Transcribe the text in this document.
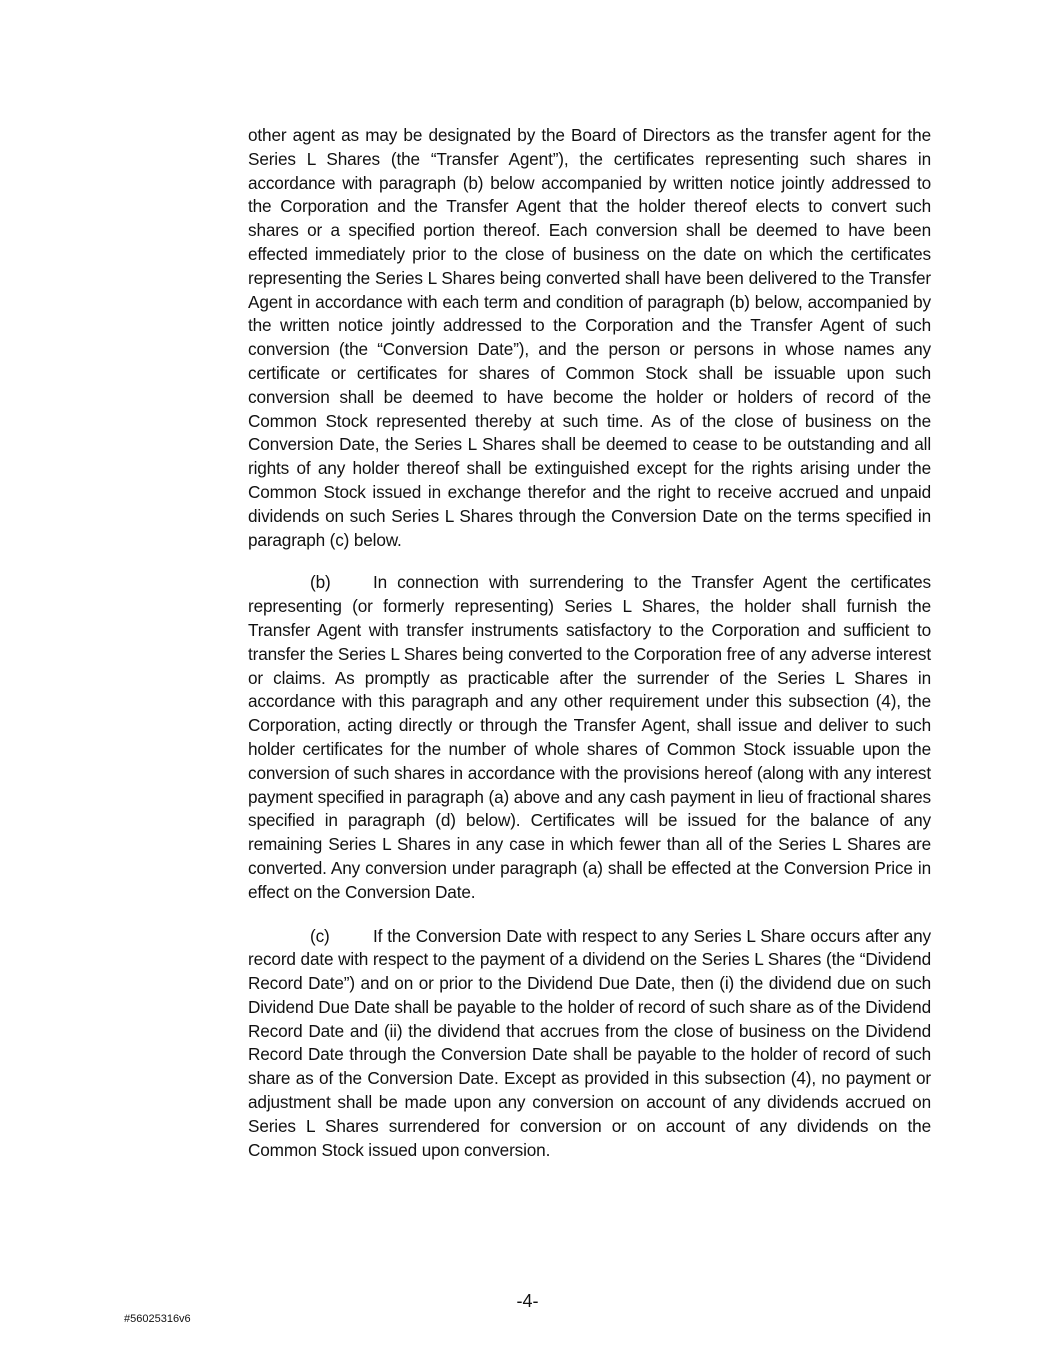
other agent as may be designated by the Board of Directors as the transfer agent for the Series L Shares (the “Transfer Agent”), the certificates representing such shares in accordance with paragraph (b) below accompanied by written notice jointly addressed to the Corporation and the Transfer Agent that the holder thereof elects to convert such shares or a specified portion thereof. Each conversion shall be deemed to have been effected immediately prior to the close of business on the date on which the certificates representing the Series L Shares being converted shall have been delivered to the Transfer Agent in accordance with each term and condition of paragraph (b) below, accompanied by the written notice jointly addressed to the Corporation and the Transfer Agent of such conversion (the “Conversion Date”), and the person or persons in whose names any certificate or certificates for shares of Common Stock shall be issuable upon such conversion shall be deemed to have become the holder or holders of record of the Common Stock represented thereby at such time. As of the close of business on the Conversion Date, the Series L Shares shall be deemed to cease to be outstanding and all rights of any holder thereof shall be extinguished except for the rights arising under the Common Stock issued in exchange therefor and the right to receive accrued and unpaid dividends on such Series L Shares through the Conversion Date on the terms specified in paragraph (c) below.

(b) In connection with surrendering to the Transfer Agent the certificates representing (or formerly representing) Series L Shares, the holder shall furnish the Transfer Agent with transfer instruments satisfactory to the Corporation and sufficient to transfer the Series L Shares being converted to the Corporation free of any adverse interest or claims. As promptly as practicable after the surrender of the Series L Shares in accordance with this paragraph and any other requirement under this subsection (4), the Corporation, acting directly or through the Transfer Agent, shall issue and deliver to such holder certificates for the number of whole shares of Common Stock issuable upon the conversion of such shares in accordance with the provisions hereof (along with any interest payment specified in paragraph (a) above and any cash payment in lieu of fractional shares specified in paragraph (d) below). Certificates will be issued for the balance of any remaining Series L Shares in any case in which fewer than all of the Series L Shares are converted. Any conversion under paragraph (a) shall be effected at the Conversion Price in effect on the Conversion Date.

(c)	If the Conversion Date with respect to any Series L Share occurs after any record date with respect to the payment of a dividend on the Series L Shares (the “Dividend Record Date”) and on or prior to the Dividend Due Date, then (i) the dividend due on such Dividend Due Date shall be payable to the holder of record of such share as of the Dividend Record Date and (ii) the dividend that accrues from the close of business on the Dividend Record Date through the Conversion Date shall be payable to the holder of record of such share as of the Conversion Date. Except as provided in this subsection (4), no payment or adjustment shall be made upon any conversion on account of any dividends accrued on Series L Shares surrendered for conversion or on account of any dividends on the Common Stock issued upon conversion.

-4-
#56025316v6
